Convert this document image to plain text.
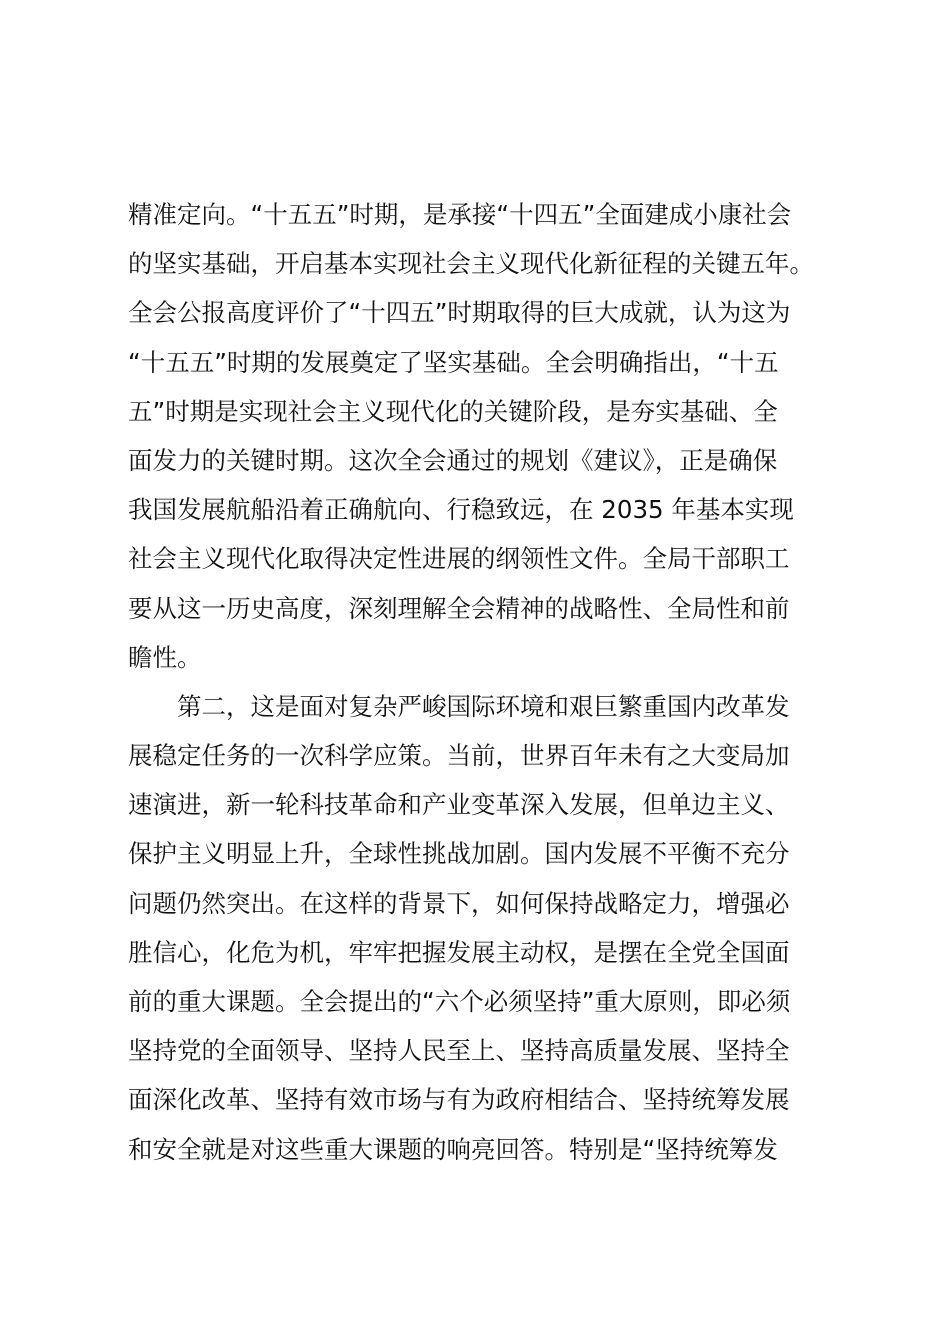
精准定向。“十五五”时期，是承接“十四五”全面建成小康社会
的坚实基础，开启基本实现社会主义现代化新征程的关键五年。
全会公报高度评价了“十四五”时期取得的巨大成就，认为这为
“十五五”时期的发展奠定了坚实基础。全会明确指出，“十五
五”时期是实现社会主义现代化的关键阶段，是夯实基础、全
面发力的关键时期。这次全会通过的规划《建议》，正是确保
我国发展航船沿着正确航向、行稳致远，在 2035 年基本实现
社会主义现代化取得决定性进展的纲领性文件。全局干部职工
要从这一历史高度，深刻理解全会精神的战略性、全局性和前
瞻性。
第二，这是面对复杂严峻国际环境和艰巨繁重国内改革发
展稳定任务的一次科学应策。当前，世界百年未有之大变局加
速演进，新一轮科技革命和产业变革深入发展，但单边主义、
保护主义明显上升，全球性挑战加剧。国内发展不平衡不充分
问题仍然突出。在这样的背景下，如何保持战略定力，增强必
胜信心，化危为机，牢牢把握发展主动权，是摆在全党全国面
前的重大课题。全会提出的“六个必须坚持”重大原则，即必须
坚持党的全面领导、坚持人民至上、坚持高质量发展、坚持全
面深化改革、坚持有效市场与有为政府相结合、坚持统筹发展
和安全就是对这些重大课题的响亮回答。特别是“坚持统筹发
